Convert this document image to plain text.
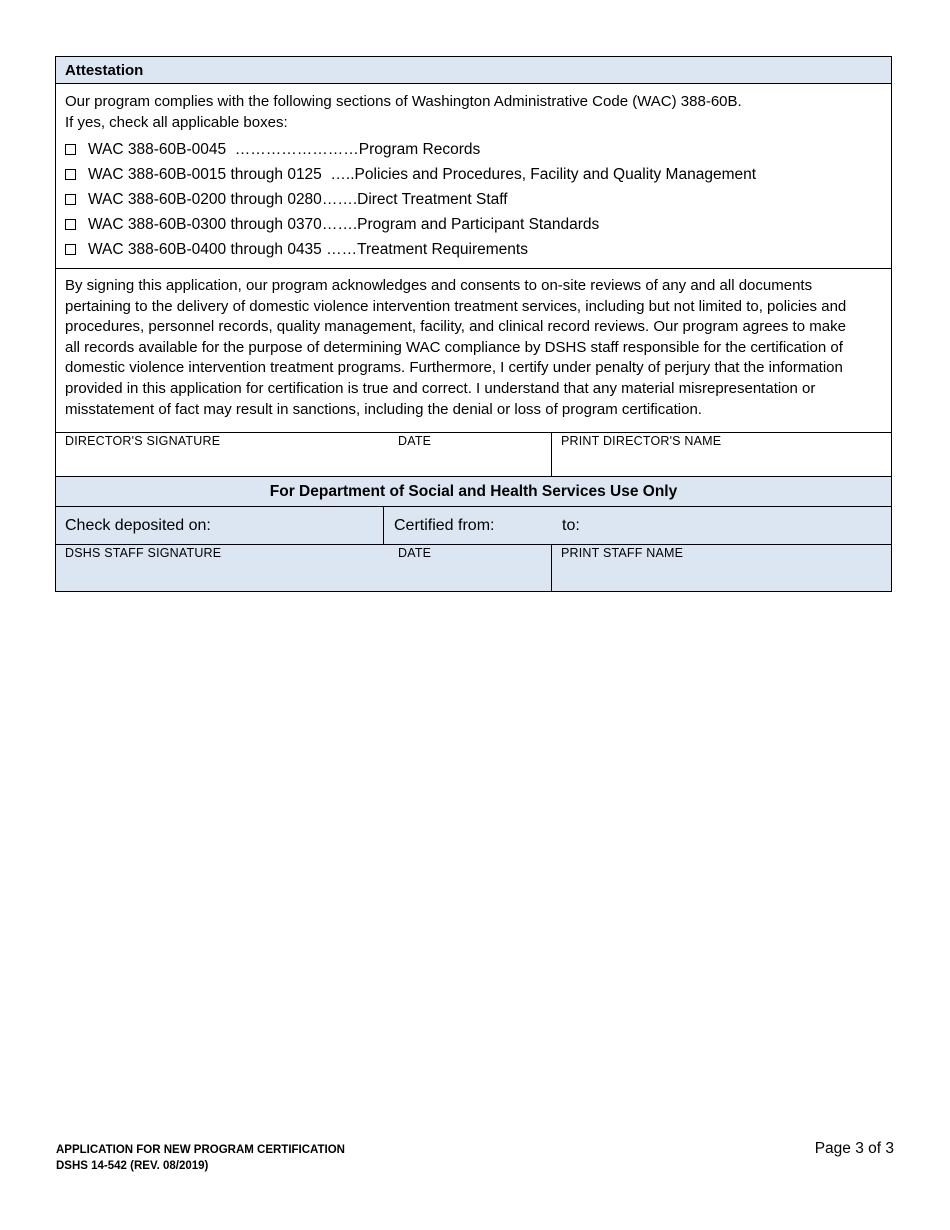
Attestation
Our program complies with the following sections of Washington Administrative Code (WAC) 388-60B.
If yes, check all applicable boxes:
WAC 388-60B-0045 …………………… Program Records
WAC 388-60B-0015 through 0125 ….. Policies and Procedures, Facility and Quality Management
WAC 388-60B-0200 through 0280 ……. Direct Treatment Staff
WAC 388-60B-0300 through 0370 ……. Program and Participant Standards
WAC 388-60B-0400 through 0435 …… Treatment Requirements
By signing this application, our program acknowledges and consents to on-site reviews of any and all documents
pertaining to the delivery of domestic violence intervention treatment services, including but not limited to, policies and
procedures, personnel records, quality management, facility, and clinical record reviews. Our program agrees to make
all records available for the purpose of determining WAC compliance by DSHS staff responsible for the certification of
domestic violence intervention treatment programs. Furthermore, I certify under penalty of perjury that the information
provided in this application for certification is true and correct. I understand that any material misrepresentation or
misstatement of fact may result in sanctions, including the denial or loss of program certification.
DIRECTOR'S SIGNATURE	DATE	PRINT DIRECTOR'S NAME
For Department of Social and Health Services Use Only
Check deposited on:	Certified from:	to:
DSHS STAFF SIGNATURE	DATE	PRINT STAFF NAME
APPLICATION FOR NEW PROGRAM CERTIFICATION
DSHS 14-542 (REV. 08/2019)
Page 3 of 3
